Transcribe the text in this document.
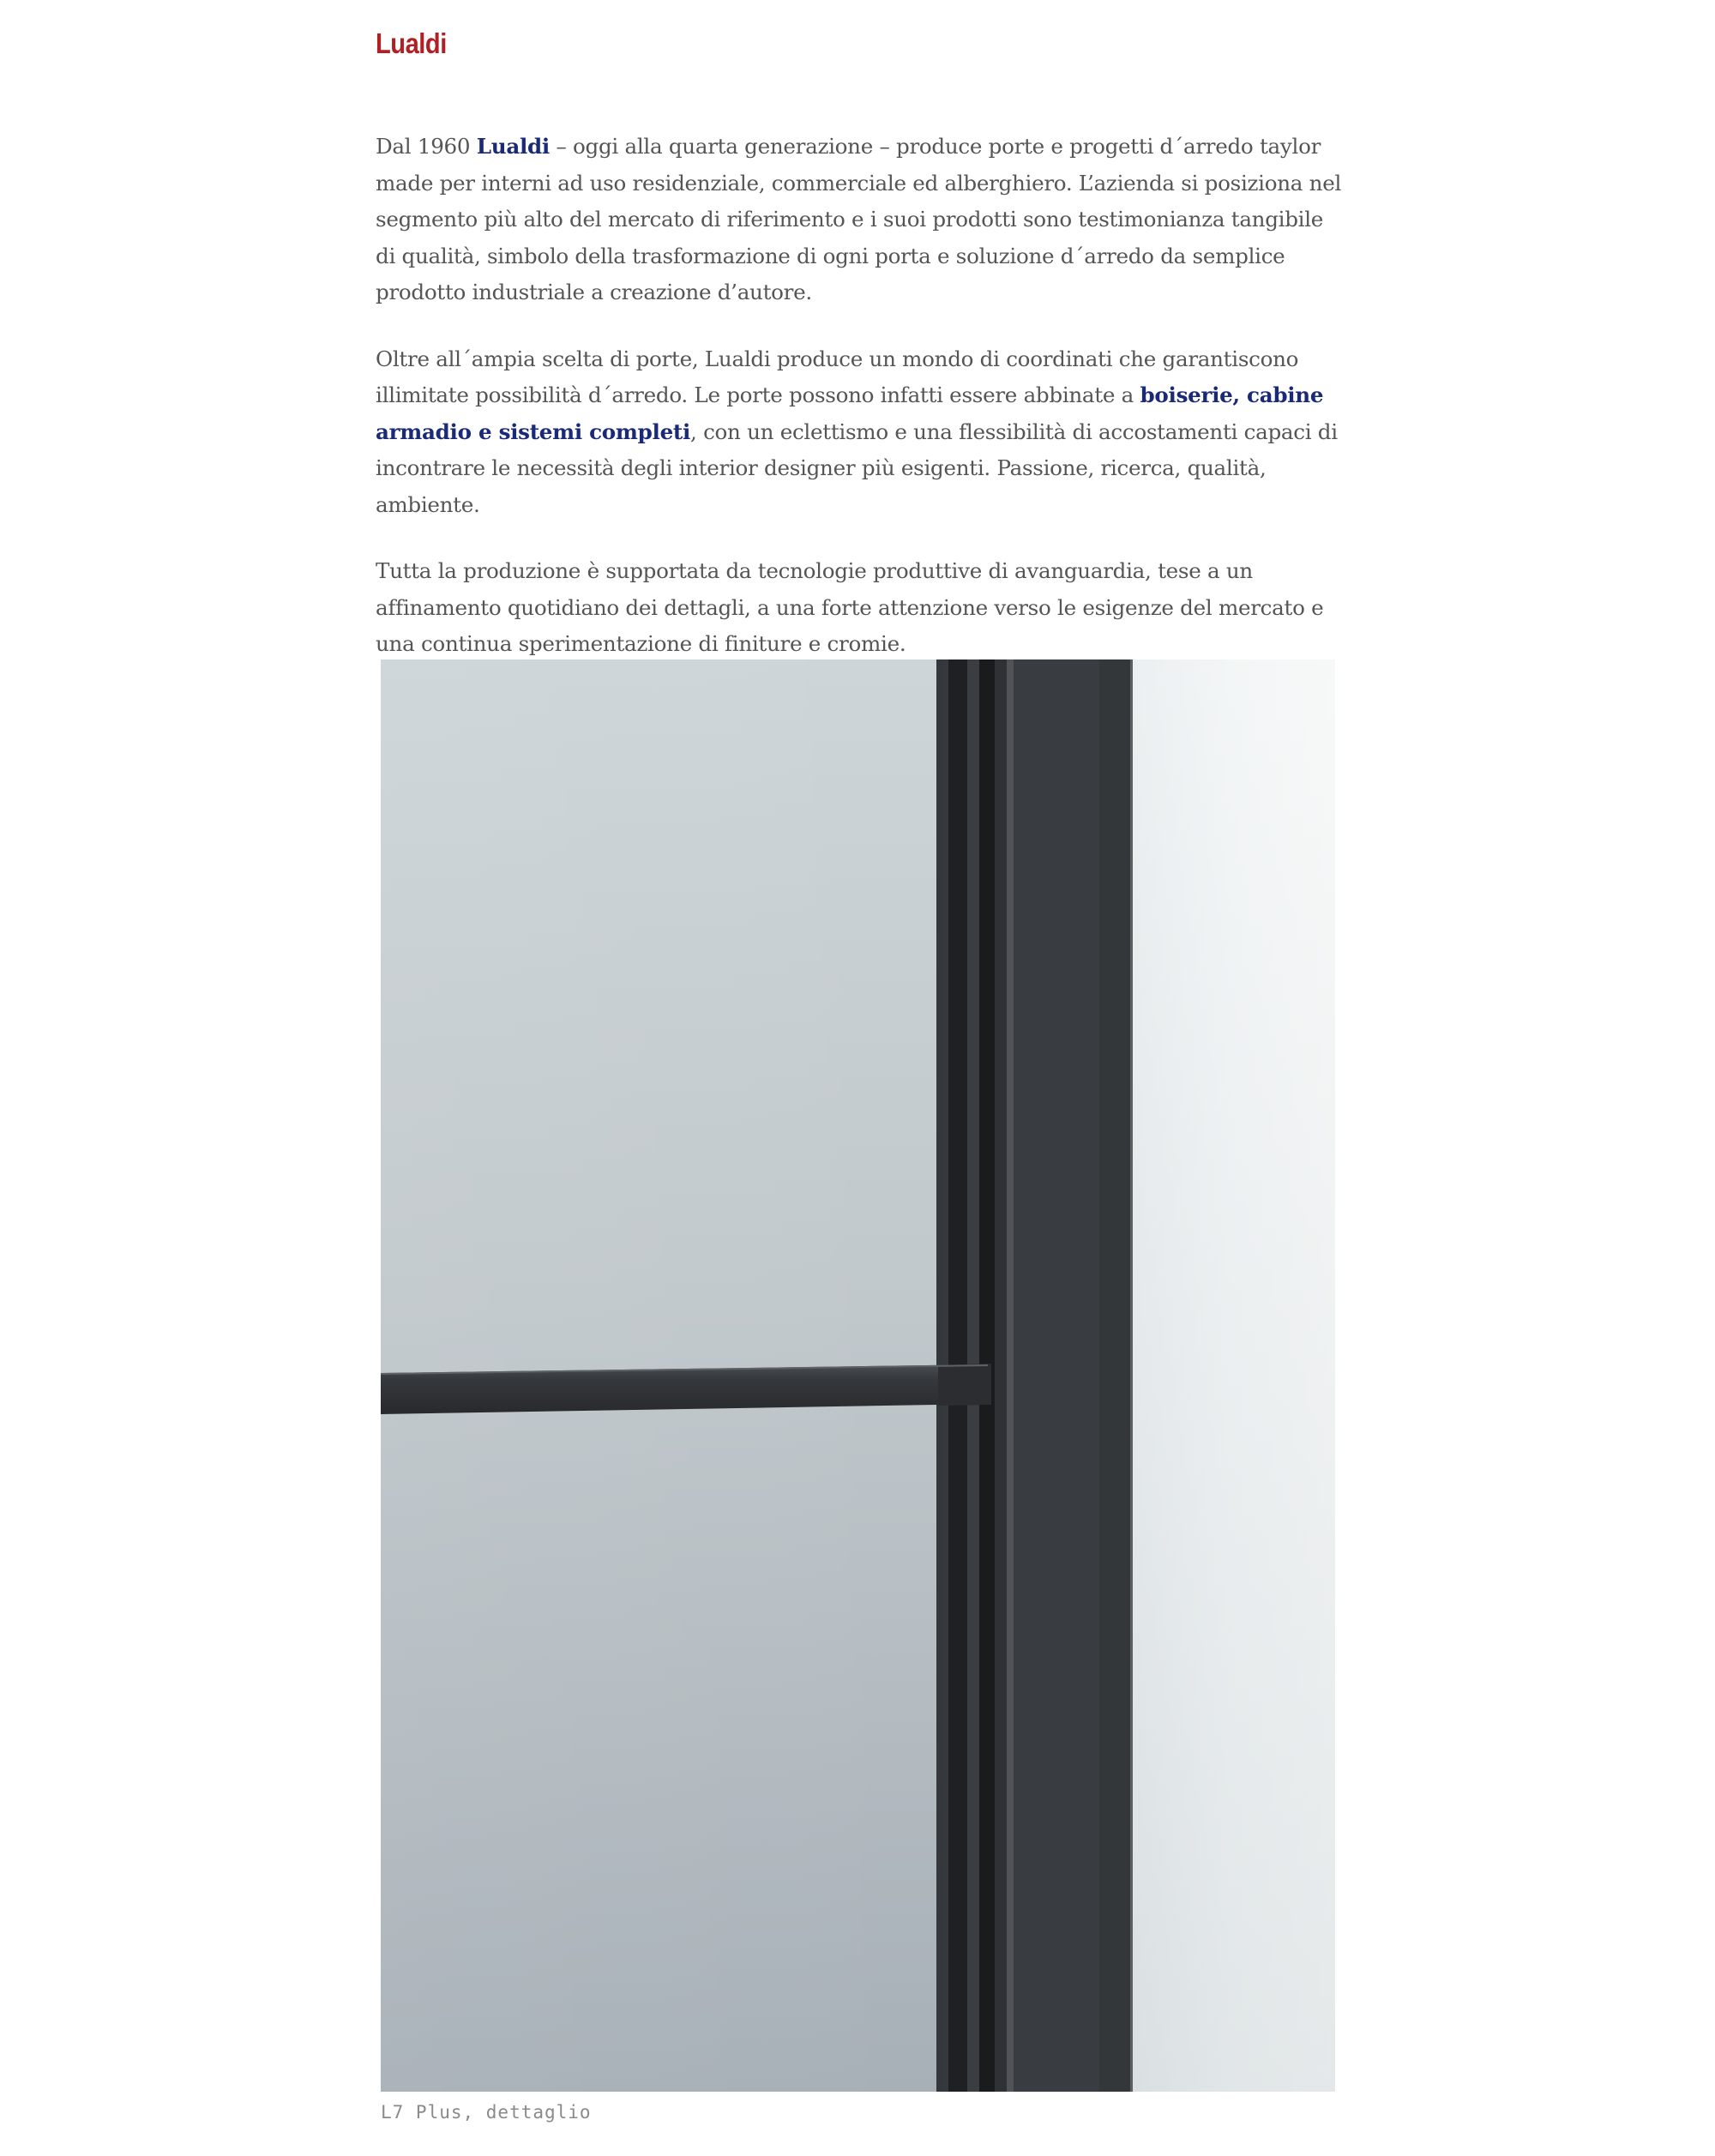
Lualdi

Dal 1960 Lualdi – oggi alla quarta generazione – produce porte e progetti d´arredo taylor made per interni ad uso residenziale, commerciale ed alberghiero. L’azienda si posiziona nel segmento più alto del mercato di riferimento e i suoi prodotti sono testimonianza tangibile di qualità, simbolo della trasformazione di ogni porta e soluzione d´arredo da semplice prodotto industriale a creazione d’autore.

Oltre all´ampia scelta di porte, Lualdi produce un mondo di coordinati che garantiscono illimitate possibilità d´arredo. Le porte possono infatti essere abbinate a boiserie, cabine armadio e sistemi completi, con un eclettismo e una flessibilità di accostamenti capaci di incontrare le necessità degli interior designer più esigenti. Passione, ricerca, qualità, ambiente.

Tutta la produzione è supportata da tecnologie produttive di avanguardia, tese a un affinamento quotidiano dei dettagli, a una forte attenzione verso le esigenze del mercato e una continua sperimentazione di finiture e cromie.

L7 Plus, dettaglio
